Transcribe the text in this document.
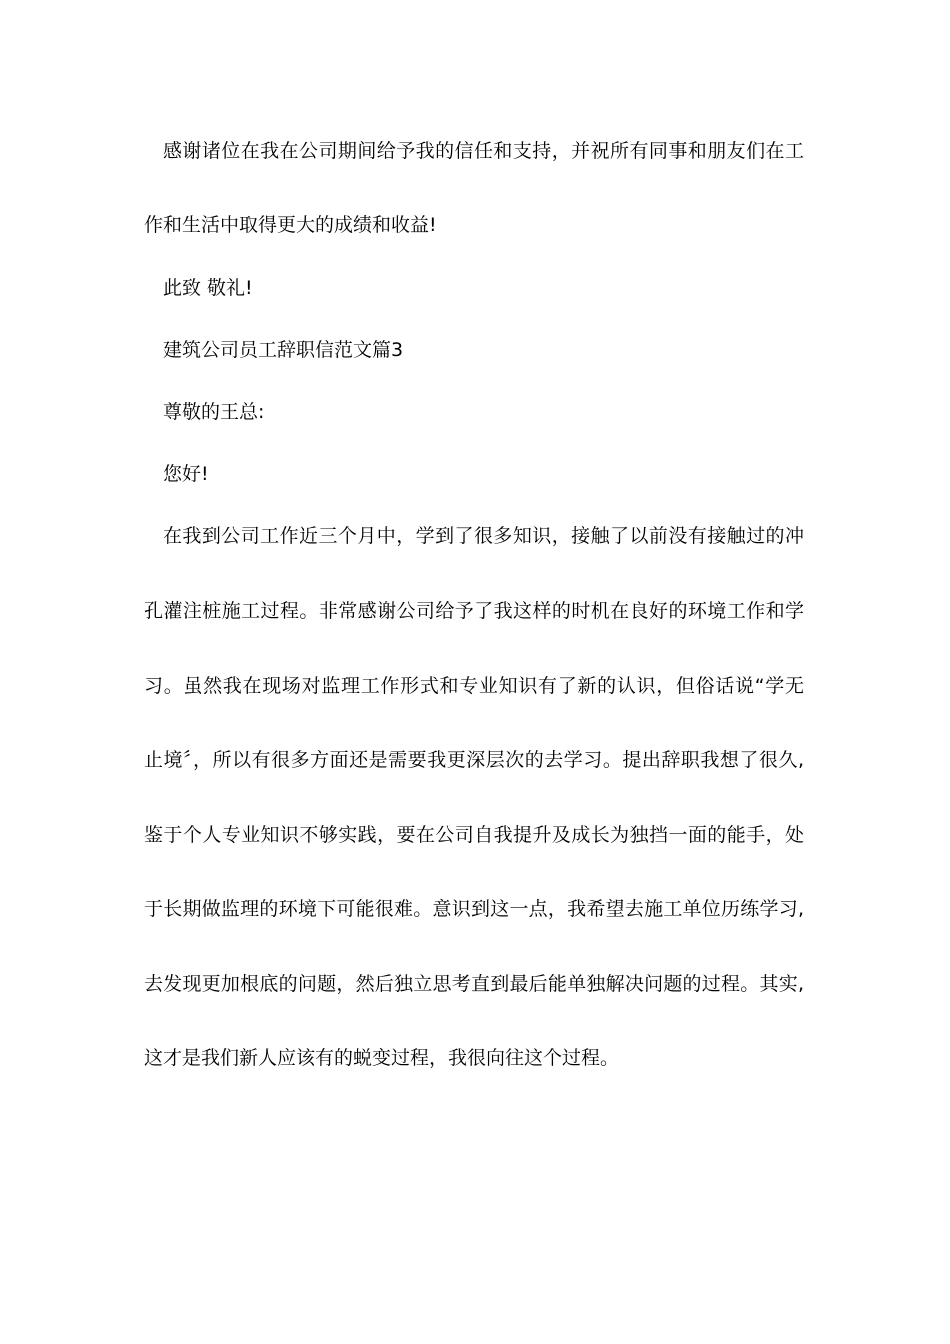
感谢诸位在我在公司期间给予我的信任和支持，并祝所有同事和朋友们在工
作和生活中取得更大的成绩和收益!
此致 敬礼!
建筑公司员工辞职信范文篇3
尊敬的王总:
您好!
在我到公司工作近三个月中，学到了很多知识，接触了以前没有接触过的冲
孔灌注桩施工过程。非常感谢公司给予了我这样的时机在良好的环境工作和学
习。虽然我在现场对监理工作形式和专业知识有了新的认识，但俗话说“学无
止境〞，所以有很多方面还是需要我更深层次的去学习。提出辞职我想了很久,
鉴于个人专业知识不够实践，要在公司自我提升及成长为独挡一面的能手，处
于长期做监理的环境下可能很难。意识到这一点，我希望去施工单位历练学习,
去发现更加根底的问题，然后独立思考直到最后能单独解决问题的过程。其实,
这才是我们新人应该有的蜕变过程，我很向往这个过程。
